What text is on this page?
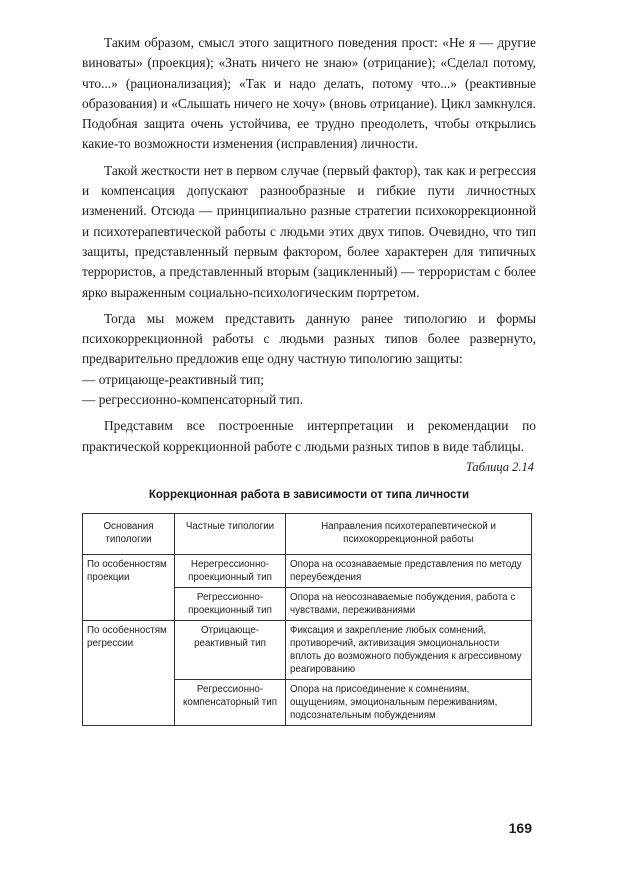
Таким образом, смысл этого защитного поведения прост: «Не я — другие виноваты» (проекция); «Знать ничего не знаю» (отрицание); «Сделал потому, что...» (рационализация); «Так и надо делать, потому что...» (реактивные образования) и «Слышать ничего не хочу» (вновь отрицание). Цикл замкнулся. Подобная защита очень устойчива, ее трудно преодолеть, чтобы открылись какие-то возможности изменения (исправления) личности.

Такой жесткости нет в первом случае (первый фактор), так как и регрессия и компенсация допускают разнообразные и гибкие пути личностных изменений. Отсюда — принципиально разные стратегии психокоррекционной и психотерапевтической работы с людьми этих двух типов. Очевидно, что тип защиты, представленный первым фактором, более характерен для типичных террористов, а представленный вторым (зацикленный) — террористам с более ярко выраженным социально-психологическим портретом.

Тогда мы можем представить данную ранее типологию и формы психокоррекционной работы с людьми разных типов более развернуто, предварительно предложив еще одну частную типологию защиты:

— отрицающе-реактивный тип;

— регрессионно-компенсаторный тип.

Представим все построенные интерпретации и рекомендации по практической коррекционной работе с людьми разных типов в виде таблицы.

Таблица 2.14
Коррекционная работа в зависимости от типа личности
Основания типологии	Частные типологии	Направления психотерапевтической и психокоррекционной работы
По особенностям проекции	Нерегрессионно-проекционный тип	Опора на осознаваемые представления по методу переубеждения
	Регрессионно-проекционный тип	Опора на неосознаваемые побуждения, работа с чувствами, переживаниями
По особенностям регрессии	Отрицающе-реактивный тип	Фиксация и закрепление любых сомнений, противоречий, активизация эмоциональности вплоть до возможного побуждения к агрессивному реагированию
	Регрессионно-компенсаторный тип	Опора на присоединение к сомнениям, ощущениям, эмоциональным переживаниям, подсознательным побуждениям
169
